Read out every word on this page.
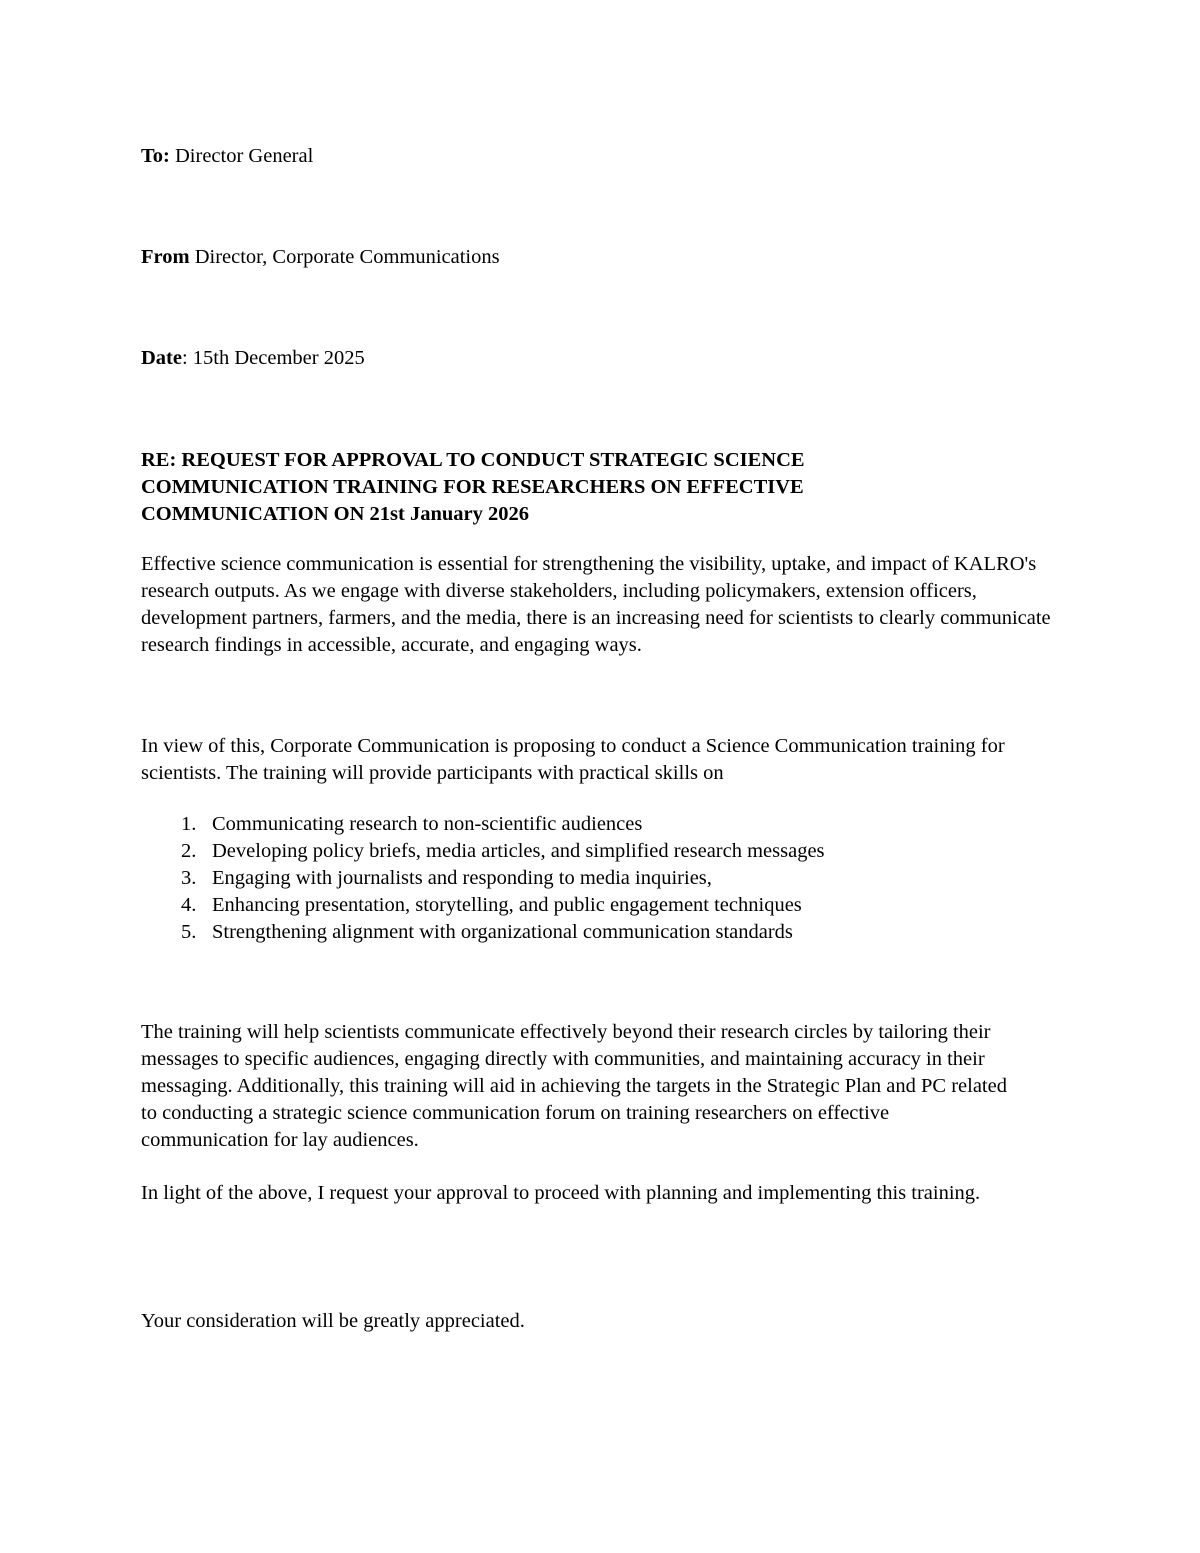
To: Director General

From Director, Corporate Communications

Date: 15th December 2025

RE: REQUEST FOR APPROVAL TO CONDUCT STRATEGIC SCIENCE
COMMUNICATION TRAINING FOR RESEARCHERS ON EFFECTIVE
COMMUNICATION ON 21st January 2026

Effective science communication is essential for strengthening the visibility, uptake, and impact of KALRO's research outputs. As we engage with diverse stakeholders, including policymakers, extension officers, development partners, farmers, and the media, there is an increasing need for scientists to clearly communicate research findings in accessible, accurate, and engaging ways.

In view of this, Corporate Communication is proposing to conduct a Science Communication training for scientists. The training will provide participants with practical skills on

1. Communicating research to non-scientific audiences
2. Developing policy briefs, media articles, and simplified research messages
3. Engaging with journalists and responding to media inquiries,
4. Enhancing presentation, storytelling, and public engagement techniques
5. Strengthening alignment with organizational communication standards

The training will help scientists communicate effectively beyond their research circles by tailoring their messages to specific audiences, engaging directly with communities, and maintaining accuracy in their messaging. Additionally, this training will aid in achieving the targets in the Strategic Plan and PC related to conducting a strategic science communication forum on training researchers on effective communication for lay audiences.

In light of the above, I request your approval to proceed with planning and implementing this training.

Your consideration will be greatly appreciated.
